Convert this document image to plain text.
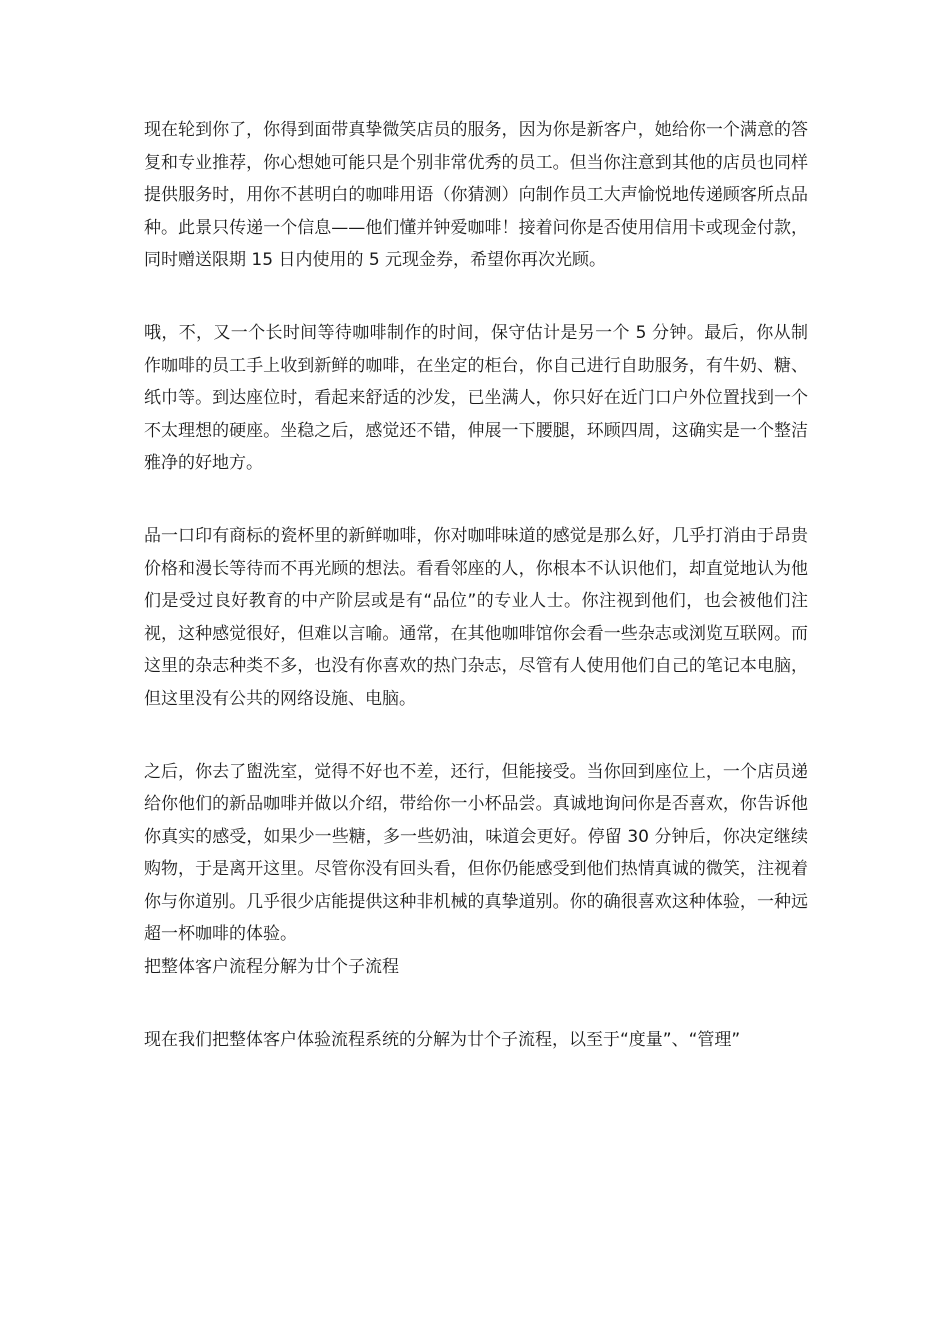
现在轮到你了，你得到面带真挚微笑店员的服务，因为你是新客户，她给你一个满意的答复和专业推荐，你心想她可能只是个别非常优秀的员工。但当你注意到其他的店员也同样提供服务时，用你不甚明白的咖啡用语（你猜测）向制作员工大声愉悦地传递顾客所点品种。此景只传递一个信息——他们懂并钟爱咖啡！接着问你是否使用信用卡或现金付款，同时赠送限期 15 日内使用的 5 元现金券，希望你再次光顾。

哦，不，又一个长时间等待咖啡制作的时间，保守估计是另一个 5 分钟。最后，你从制作咖啡的员工手上收到新鲜的咖啡，在坐定的柜台，你自己进行自助服务，有牛奶、糖、纸巾等。到达座位时，看起来舒适的沙发，已坐满人，你只好在近门口户外位置找到一个不太理想的硬座。坐稳之后，感觉还不错，伸展一下腰腿，环顾四周，这确实是一个整洁雅净的好地方。

品一口印有商标的瓷杯里的新鲜咖啡，你对咖啡味道的感觉是那么好，几乎打消由于昂贵价格和漫长等待而不再光顾的想法。看看邻座的人，你根本不认识他们，却直觉地认为他们是受过良好教育的中产阶层或是有“品位”的专业人士。你注视到他们，也会被他们注视，这种感觉很好，但难以言喻。通常，在其他咖啡馆你会看一些杂志或浏览互联网。而这里的杂志种类不多，也没有你喜欢的热门杂志，尽管有人使用他们自己的笔记本电脑，但这里没有公共的网络设施、电脑。

之后，你去了盥洗室，觉得不好也不差，还行，但能接受。当你回到座位上，一个店员递给你他们的新品咖啡并做以介绍，带给你一小杯品尝。真诚地询问你是否喜欢，你告诉他你真实的感受，如果少一些糖，多一些奶油，味道会更好。停留 30 分钟后，你决定继续购物，于是离开这里。尽管你没有回头看，但你仍能感受到他们热情真诚的微笑，注视着你与你道别。几乎很少店能提供这种非机械的真挚道别。你的确很喜欢这种体验，一种远超一杯咖啡的体验。

把整体客户流程分解为廿个子流程

现在我们把整体客户体验流程系统的分解为廿个子流程，以至于“度量”、“管理”
